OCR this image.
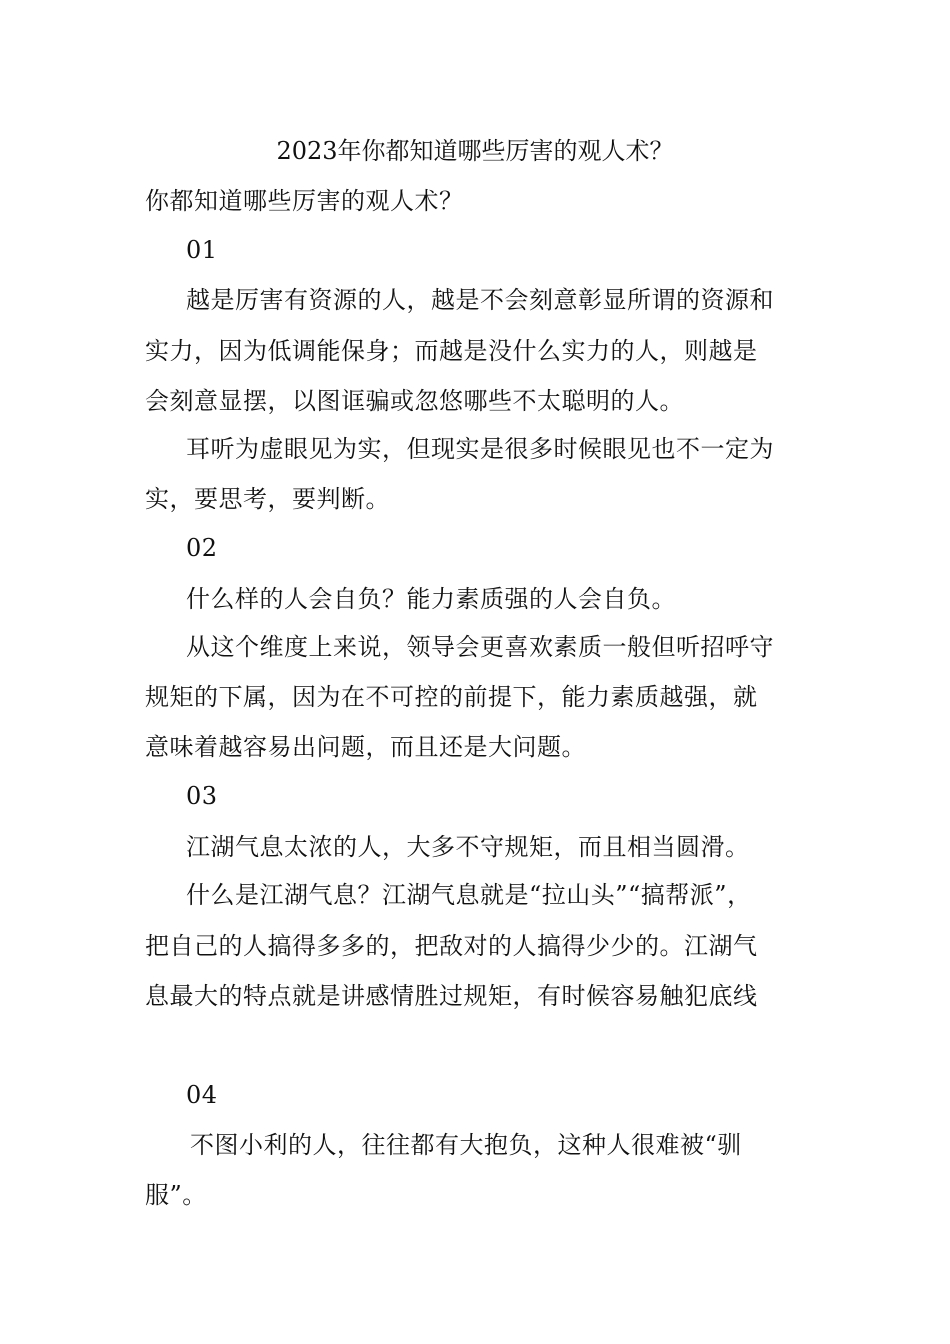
2023年你都知道哪些厉害的观人术？
你都知道哪些厉害的观人术？
01
越是厉害有资源的人，越是不会刻意彰显所谓的资源和
实力，因为低调能保身；而越是没什么实力的人，则越是
会刻意显摆，以图诓骗或忽悠哪些不太聪明的人。
耳听为虚眼见为实，但现实是很多时候眼见也不一定为
实，要思考，要判断。
02
什么样的人会自负？能力素质强的人会自负。
从这个维度上来说，领导会更喜欢素质一般但听招呼守
规矩的下属，因为在不可控的前提下，能力素质越强，就
意味着越容易出问题，而且还是大问题。
03
江湖气息太浓的人，大多不守规矩，而且相当圆滑。
什么是江湖气息？江湖气息就是“拉山头”“搞帮派”，
把自己的人搞得多多的，把敌对的人搞得少少的。江湖气
息最大的特点就是讲感情胜过规矩，有时候容易触犯底线
04
不图小利的人，往往都有大抱负，这种人很难被“驯
服”。
